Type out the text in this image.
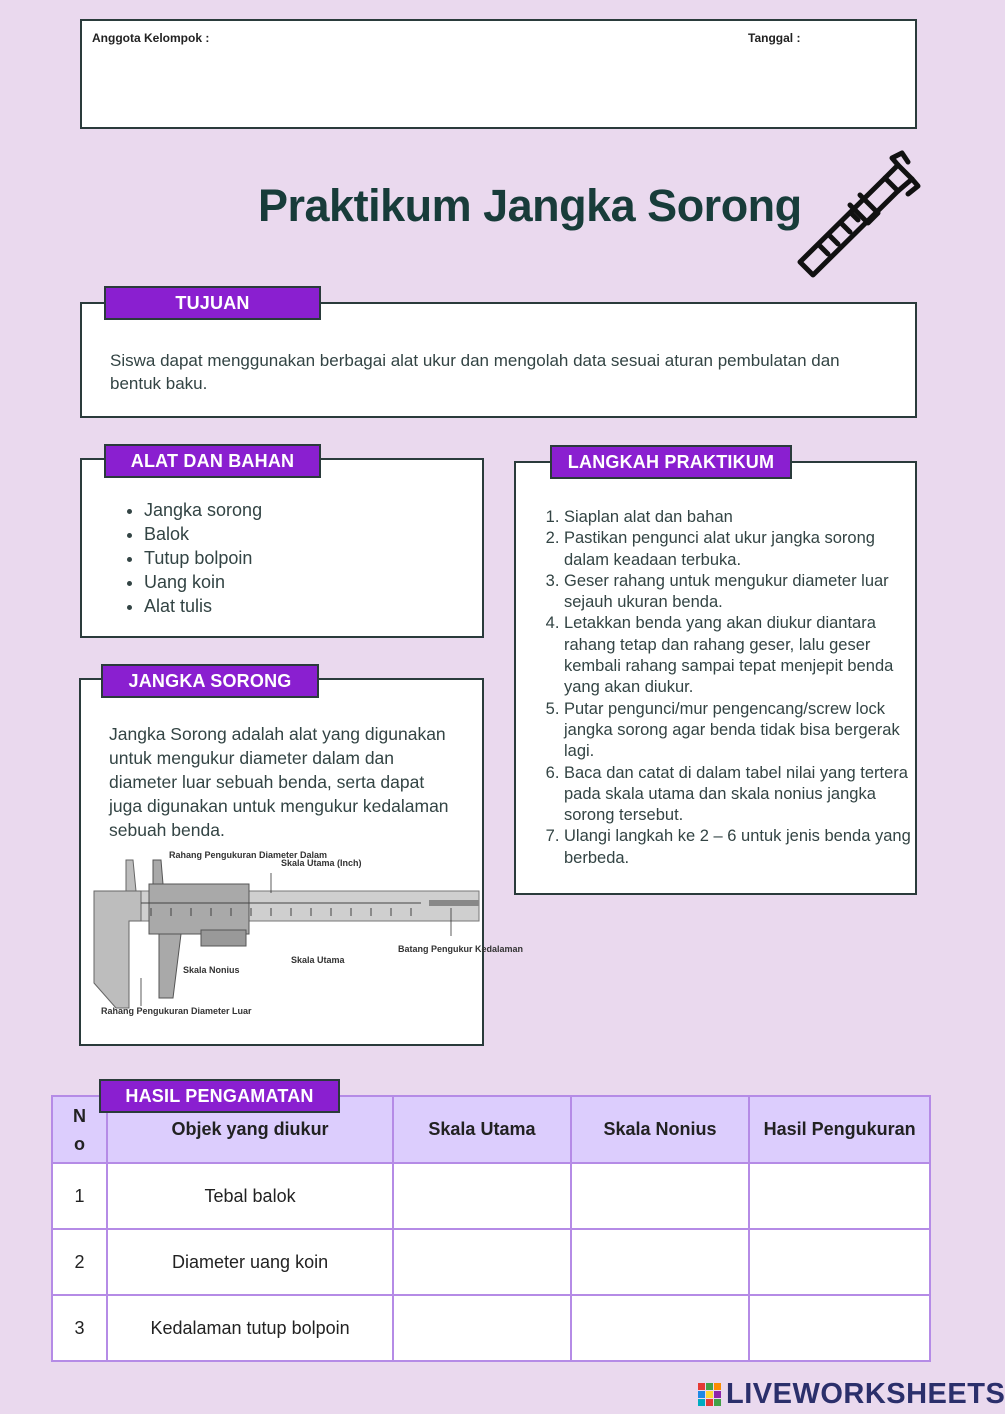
Anggota Kelompok :	Tanggal :
Praktikum Jangka Sorong
Siswa dapat menggunakan berbagai alat ukur dan mengolah data sesuai aturan pembulatan dan bentuk baku.
TUJUAN
• Jangka sorong
• Balok
• Tutup bolpoin
• Uang koin
• Alat tulis
ALAT DAN BAHAN
1. Siaplan alat dan bahan
2. Pastikan pengunci alat ukur jangka sorong dalam keadaan terbuka.
3. Geser rahang untuk mengukur diameter luar sejauh ukuran benda.
4. Letakkan benda yang akan diukur diantara rahang tetap dan rahang geser, lalu geser kembali rahang sampai tepat menjepit benda yang akan diukur.
5. Putar pengunci/mur pengencang/screw lock jangka sorong agar benda tidak bisa bergerak lagi.
6. Baca dan catat di dalam tabel nilai yang tertera pada skala utama dan skala nonius jangka sorong tersebut.
7. Ulangi langkah ke 2 – 6 untuk jenis benda yang berbeda.
LANGKAH PRAKTIKUM
Jangka Sorong adalah alat yang digunakan untuk mengukur diameter dalam dan diameter luar sebuah benda, serta dapat juga digunakan untuk mengukur kedalaman sebuah benda.
Rahang Pengukuran Diameter Dalam
Skala Utama (Inch)
Batang Pengukur Kedalaman
Skala Nonius
Skala Utama
Rahang Pengukuran Diameter Luar
JANGKA SORONG
N o	Objek yang diukur	Skala Utama	Skala Nonius	Hasil Pengukuran
1	Tebal balok			
2	Diameter uang koin			
3	Kedalaman tutup bolpoin			
HASIL PENGAMATAN
LIVEWORKSHEETS
